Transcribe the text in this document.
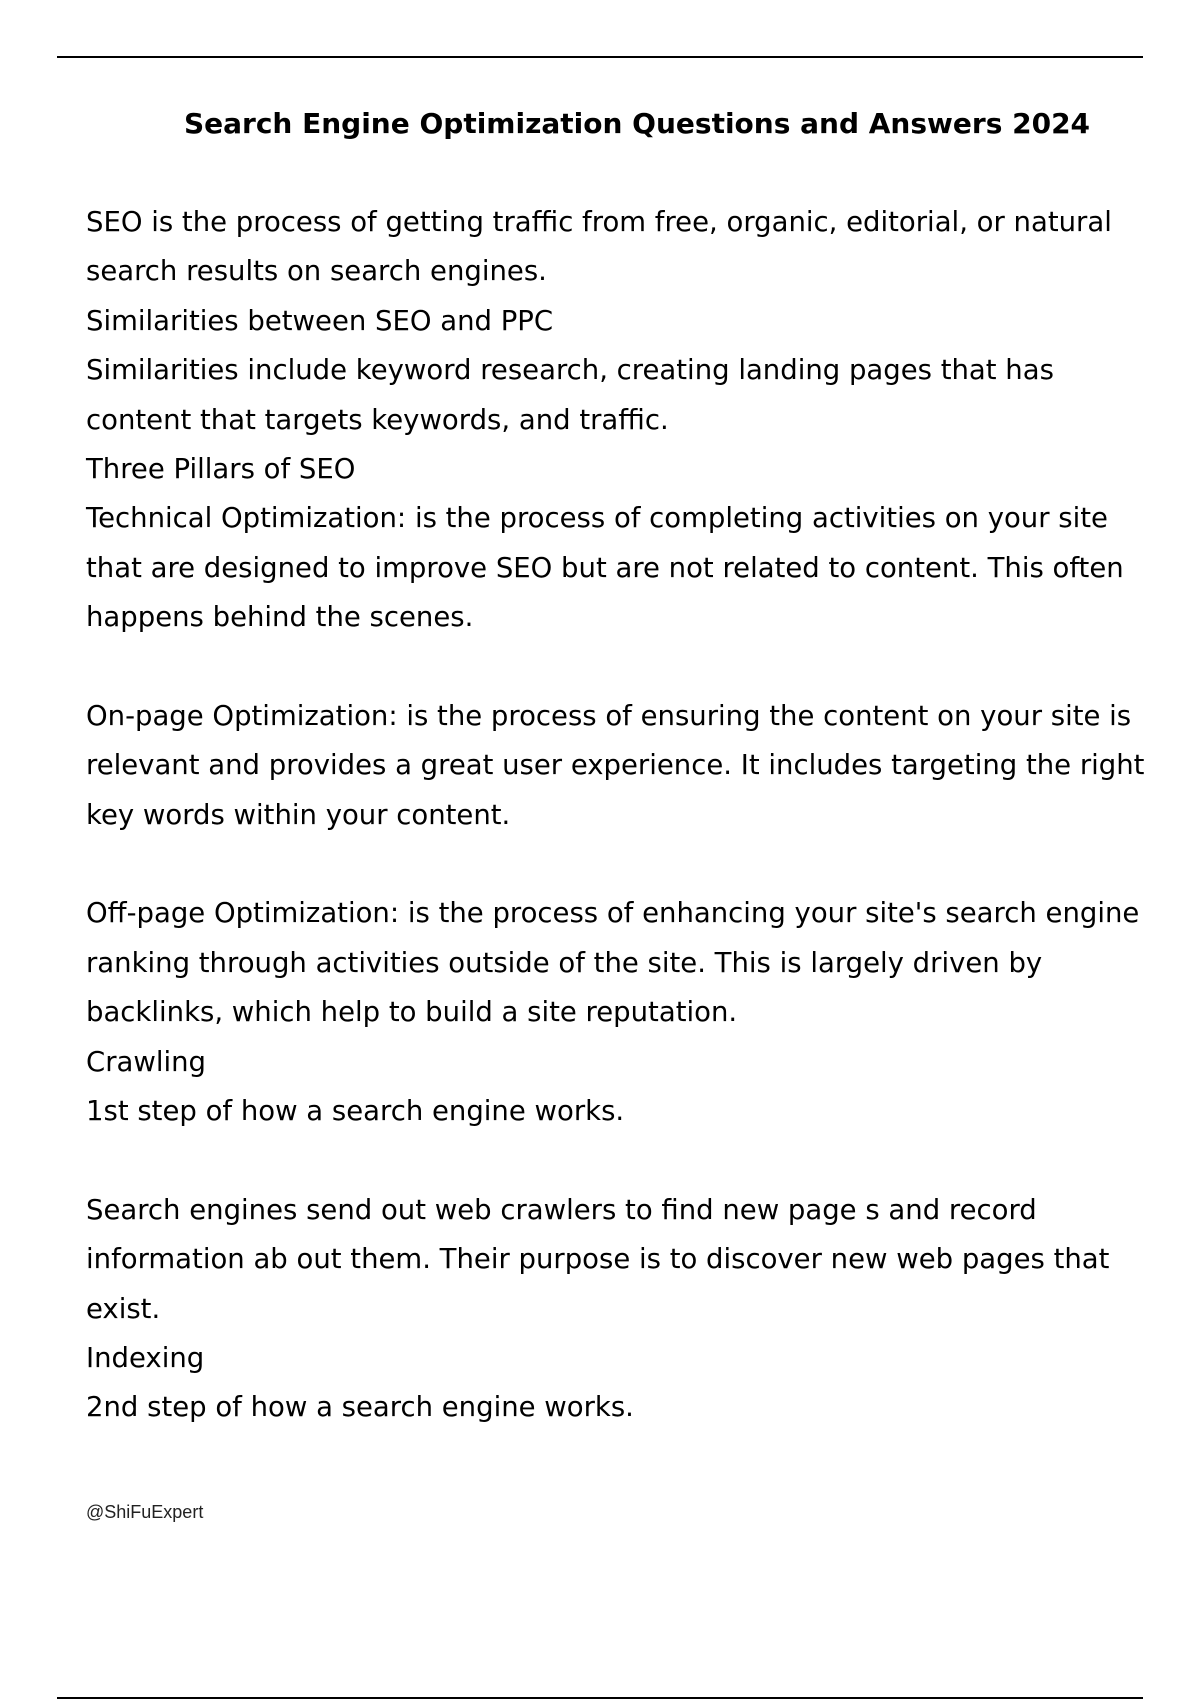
Search Engine Optimization Questions and Answers 2024
SEO is the process of getting traffic from free, organic, editorial, or natural
search results on search engines.
Similarities between SEO and PPC
Similarities include keyword research, creating landing pages that has
content that targets keywords, and traffic.
Three Pillars of SEO
Technical Optimization: is the process of completing activities on your site
that are designed to improve SEO but are not related to content. This often
happens behind the scenes.
On-page Optimization: is the process of ensuring the content on your site is
relevant and provides a great user experience. It includes targeting the right
key words within your content.
Off-page Optimization: is the process of enhancing your site's search engine
ranking through activities outside of the site. This is largely driven by
backlinks, which help to build a site reputation.
Crawling
1st step of how a search engine works.
Search engines send out web crawlers to find new page s and record
information ab out them. Their purpose is to discover new web pages that
exist.
Indexing
2nd step of how a search engine works.
@ShiFuExpert
